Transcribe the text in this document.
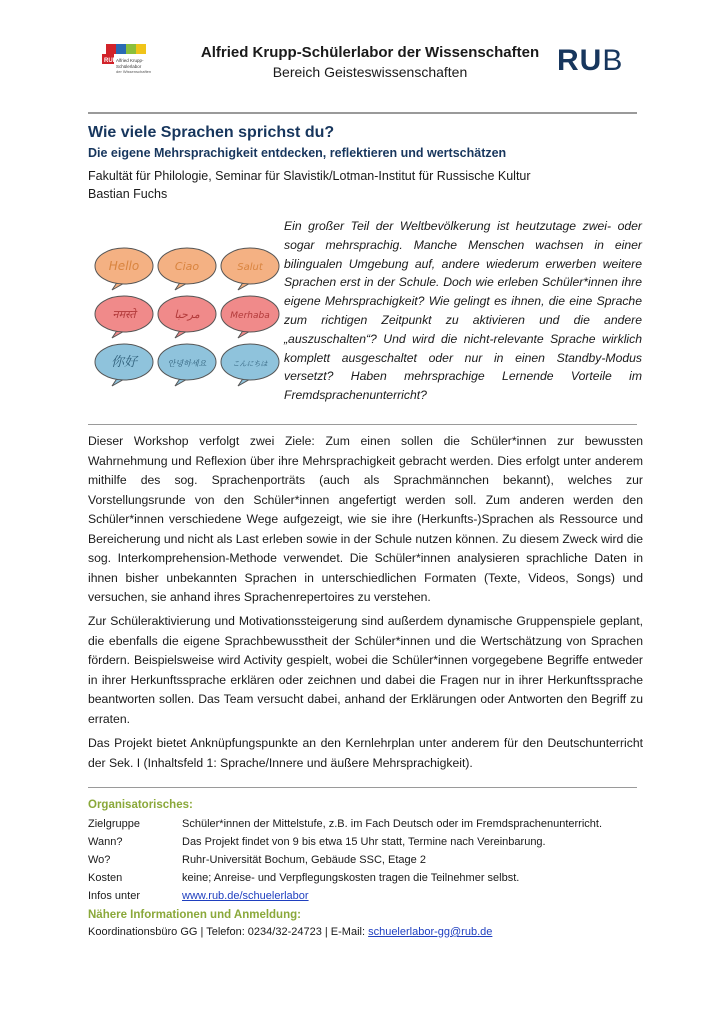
RUB Alfried Krupp-
Schülerlabor
der Wissenschaften
Alfried Krupp-Schülerlabor der Wissenschaften
Bereich Geisteswissenschaften	RUB
Wie viele Sprachen sprichst du?
Die eigene Mehrsprachigkeit entdecken, reflektieren und wertschätzen
Fakultät für Philologie, Seminar für Slavistik/Lotman-Institut für Russische Kultur
Bastian Fuchs
Hello	Ciao	Salut
नमस्ते	مرحبا	Merhaba
你好	안녕하세요	こんにちは
Ein großer Teil der Weltbevölkerung ist heutzutage zwei- oder sogar mehrsprachig. Manche Menschen wachsen in einer bilingualen Umgebung auf, andere wiederum erwerben weitere Sprachen erst in der Schule. Doch wie erleben Schüler*innen ihre eigene Mehrsprachigkeit? Wie gelingt es ihnen, die eine Sprache zum richtigen Zeitpunkt zu aktivieren und die andere „auszuschalten“? Und wird die nicht-relevante Sprache wirklich komplett ausgeschaltet oder nur in einen Standby-Modus versetzt? Haben mehrsprachige Lernende Vorteile im Fremdsprachenunterricht?
Dieser Workshop verfolgt zwei Ziele: Zum einen sollen die Schüler*innen zur bewussten Wahrnehmung und Reflexion über ihre Mehrsprachigkeit gebracht werden. Dies erfolgt unter anderem mithilfe des sog. Sprachenporträts (auch als Sprachmännchen bekannt), welches zur Vorstellungsrunde von den Schüler*innen angefertigt werden soll. Zum anderen werden den Schüler*innen verschiedene Wege aufgezeigt, wie sie ihre (Herkunfts-)Sprachen als Ressource und Bereicherung und nicht als Last erleben sowie in der Schule nutzen können. Zu diesem Zweck wird die sog. Interkomprehension-Methode verwendet. Die Schüler*innen analysieren sprachliche Daten in ihnen bisher unbekannten Sprachen in unterschiedlichen Formaten (Texte, Videos, Songs) und versuchen, sie anhand ihres Sprachenrepertoires zu verstehen.
Zur Schüleraktivierung und Motivationssteigerung sind außerdem dynamische Gruppenspiele geplant, die ebenfalls die eigene Sprachbewusstheit der Schüler*innen und die Wertschätzung von Sprachen fördern. Beispielsweise wird Activity gespielt, wobei die Schüler*innen vorgegebene Begriffe entweder in ihrer Herkunftssprache erklären oder zeichnen und dabei die Fragen nur in ihrer Herkunftssprache beantworten sollen. Das Team versucht dabei, anhand der Erklärungen oder Antworten den Begriff zu erraten.
Das Projekt bietet Anknüpfungspunkte an den Kernlehrplan unter anderem für den Deutschunterricht der Sek. I (Inhaltsfeld 1: Sprache/Innere und äußere Mehrsprachigkeit).
Organisatorisches:
Zielgruppe	Schüler*innen der Mittelstufe, z.B. im Fach Deutsch oder im Fremdsprachenunterricht.
Wann?	Das Projekt findet von 9 bis etwa 15 Uhr statt, Termine nach Vereinbarung.
Wo?	Ruhr-Universität Bochum, Gebäude SSC, Etage 2
Kosten	keine; Anreise- und Verpflegungskosten tragen die Teilnehmer selbst.
Infos unter	www.rub.de/schuelerlabor
Nähere Informationen und Anmeldung:
Koordinationsbüro GG | Telefon: 0234/32-24723 | E-Mail: schuelerlabor-gg@rub.de
